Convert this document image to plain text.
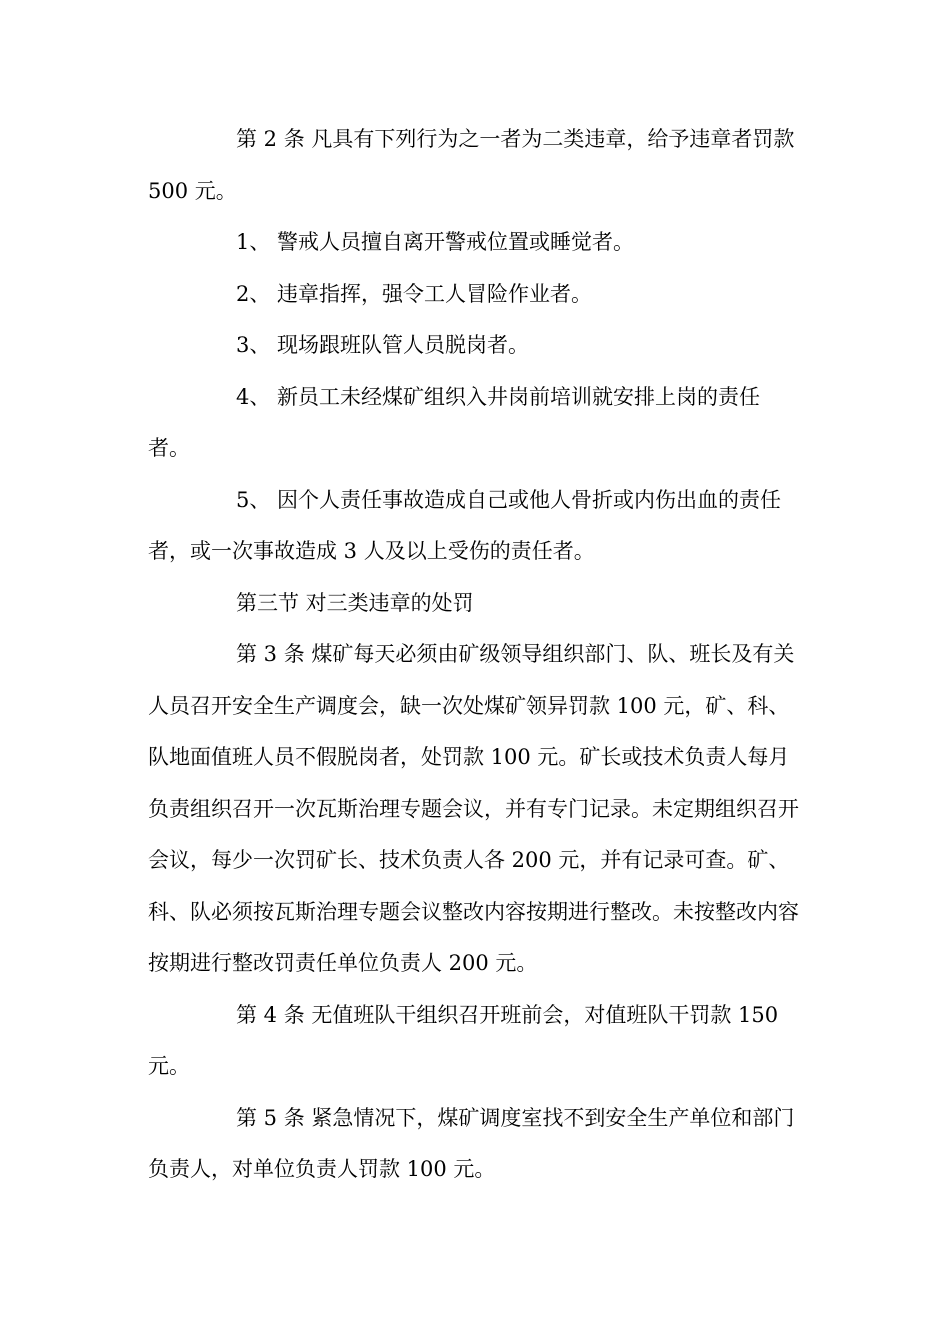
第 2 条 凡具有下列行为之一者为二类违章，给予违章者罚款 500 元。

1、 警戒人员擅自离开警戒位置或睡觉者。

2、 违章指挥，强令工人冒险作业者。

3、 现场跟班队管人员脱岗者。

4、 新员工未经煤矿组织入井岗前培训就安排上岗的责任者。

5、 因个人责任事故造成自己或他人骨折或内伤出血的责任者，或一次事故造成 3 人及以上受伤的责任者。

第三节 对三类违章的处罚

第 3 条 煤矿每天必须由矿级领导组织部门、队、班长及有关人员召开安全生产调度会，缺一次处煤矿领异罚款 100 元，矿、科、队地面值班人员不假脱岗者，处罚款 100 元。矿长或技术负责人每月负责组织召开一次瓦斯治理专题会议，并有专门记录。未定期组织召开会议，每少一次罚矿长、技术负责人各 200 元，并有记录可查。矿、科、队必须按瓦斯治理专题会议整改内容按期进行整改。未按整改内容按期进行整改罚责任单位负责人 200 元。

第 4 条 无值班队干组织召开班前会，对值班队干罚款 150 元。

第 5 条 紧急情况下，煤矿调度室找不到安全生产单位和部门负责人，对单位负责人罚款 100 元。
